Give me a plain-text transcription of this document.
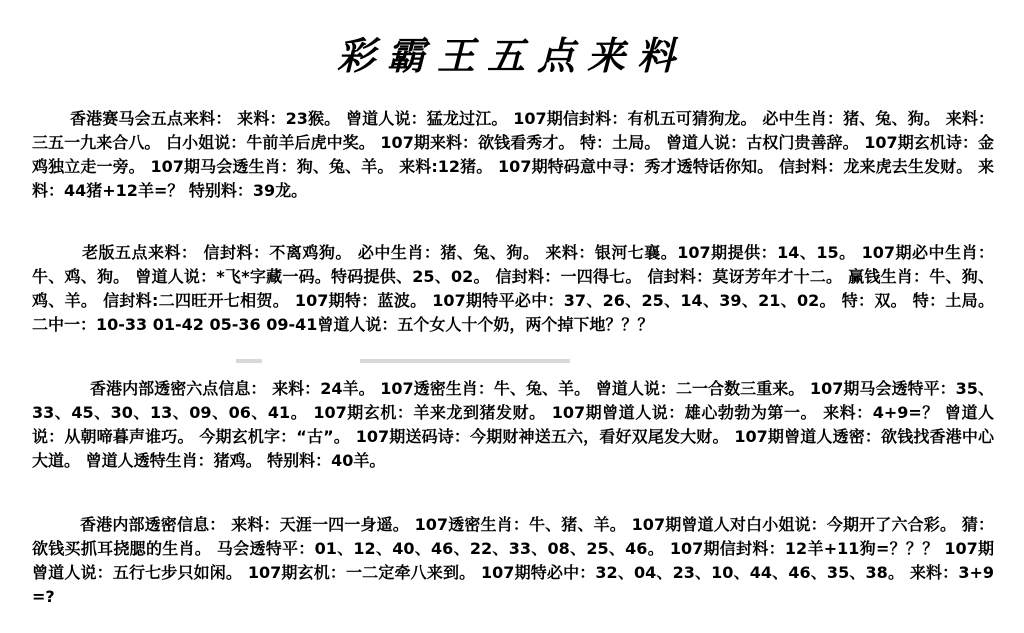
彩霸王五点来料
香港赛马会五点来料： 来料：23猴。 曾道人说：猛龙过江。 107期信封料：有机五可猜狗龙。 必中生肖：猪、兔、狗。 来料：三五一九来合八。 白小姐说：牛前羊后虎中奖。 107期来料：欲钱看秀才。 特：土局。 曾道人说：古权门贵善辞。 107期玄机诗：金鸡独立走一旁。 107期马会透生肖：狗、兔、羊。 来料:12猪。 107期特码意中寻：秀才透特话你知。 信封料：龙来虎去生发财。 来料：44猪+12羊=？ 特别料：39龙。
老版五点来料： 信封料：不离鸡狗。 必中生肖：猪、兔、狗。 来料：银河七襄。107期提供：14、15。 107期必中生肖：牛、鸡、狗。 曾道人说：*飞*字藏一码。特码提供、25、02。 信封料：一四得七。 信封料：莫讶芳年才十二。 赢钱生肖：牛、狗、鸡、羊。 信封料:二四旺开七相贺。 107期特：蓝波。 107期特平必中：37、26、25、14、39、21、02。 特：双。 特：土局。 二中一：10-33 01-42 05-36 09-41曾道人说：五个女人十个奶，两个掉下地？？？
香港内部透密六点信息： 来料：24羊。 107透密生肖：牛、兔、羊。 曾道人说：二一合数三重来。 107期马会透特平：35、33、45、30、13、09、06、41。 107期玄机：羊来龙到猪发财。 107期曾道人说：雄心勃勃为第一。 来料：4+9=？ 曾道人说：从朝啼暮声谁巧。 今期玄机字：“古”。 107期送码诗：今期财神送五六，看好双尾发大财。 107期曾道人透密：欲钱找香港中心大道。 曾道人透特生肖：猪鸡。 特别料：40羊。
香港内部透密信息： 来料：天涯一四一身遥。 107透密生肖：牛、猪、羊。 107期曾道人对白小姐说：今期开了六合彩。 猜：欲钱买抓耳挠腮的生肖。 马会透特平：01、12、40、46、22、33、08、25、46。 107期信封料：12羊+11狗=？？？ 107期曾道人说：五行七步只如闲。 107期玄机：一二定牵八来到。 107期特必中：32、04、23、10、44、46、35、38。 来料：3+9=?
